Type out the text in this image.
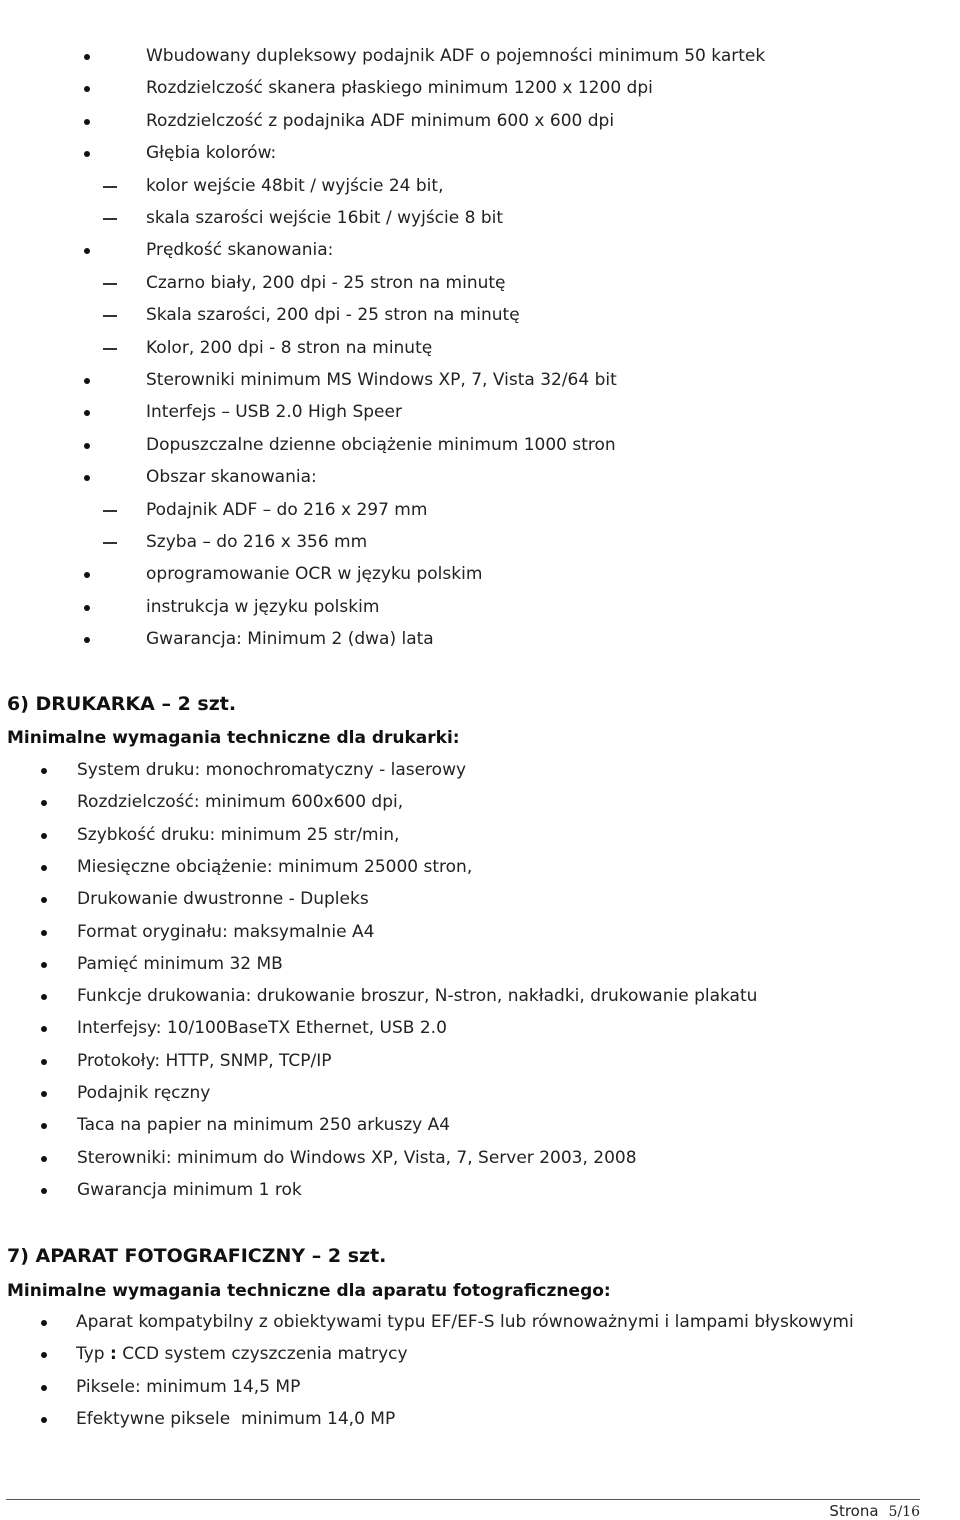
Wbudowany dupleksowy podajnik ADF o pojemności minimum 50 kartek
Rozdzielczość skanera płaskiego minimum 1200 x 1200 dpi
Rozdzielczość z podajnika ADF minimum 600 x 600 dpi
Głębia kolorów:
kolor wejście 48bit / wyjście 24 bit,
skala szarości wejście 16bit / wyjście 8 bit
Prędkość skanowania:
Czarno biały, 200 dpi - 25 stron na minutę
Skala szarości, 200 dpi - 25 stron na minutę
Kolor, 200 dpi - 8 stron na minutę
Sterowniki minimum MS Windows XP, 7, Vista 32/64 bit
Interfejs – USB 2.0 High Speer
Dopuszczalne dzienne obciążenie minimum 1000 stron
Obszar skanowania:
Podajnik ADF – do 216 x 297 mm
Szyba – do 216 x 356 mm
oprogramowanie OCR w języku polskim
instrukcja w języku polskim
Gwarancja: Minimum 2 (dwa) lata
6) DRUKARKA – 2 szt.
Minimalne wymagania techniczne dla drukarki:
System druku: monochromatyczny - laserowy
Rozdzielczość: minimum 600x600 dpi,
Szybkość druku: minimum 25 str/min,
Miesięczne obciążenie: minimum 25000 stron,
Drukowanie dwustronne - Dupleks
Format oryginału: maksymalnie A4
Pamięć minimum 32 MB
Funkcje drukowania: drukowanie broszur, N-stron, nakładki, drukowanie plakatu
Interfejsy: 10/100BaseTX Ethernet, USB 2.0
Protokoły: HTTP, SNMP, TCP/IP
Podajnik ręczny
Taca na papier na minimum 250 arkuszy A4
Sterowniki: minimum do Windows XP, Vista, 7, Server 2003, 2008
Gwarancja minimum 1 rok
7) APARAT FOTOGRAFICZNY – 2 szt.
Minimalne wymagania techniczne dla aparatu fotograficznego:
Aparat kompatybilny z obiektywami typu EF/EF-S lub równoważnymi i lampami błyskowymi
Typ : CCD system czyszczenia matrycy
Piksele: minimum 14,5 MP
Efektywne piksele  minimum 14,0 MP
Strona 5/16
